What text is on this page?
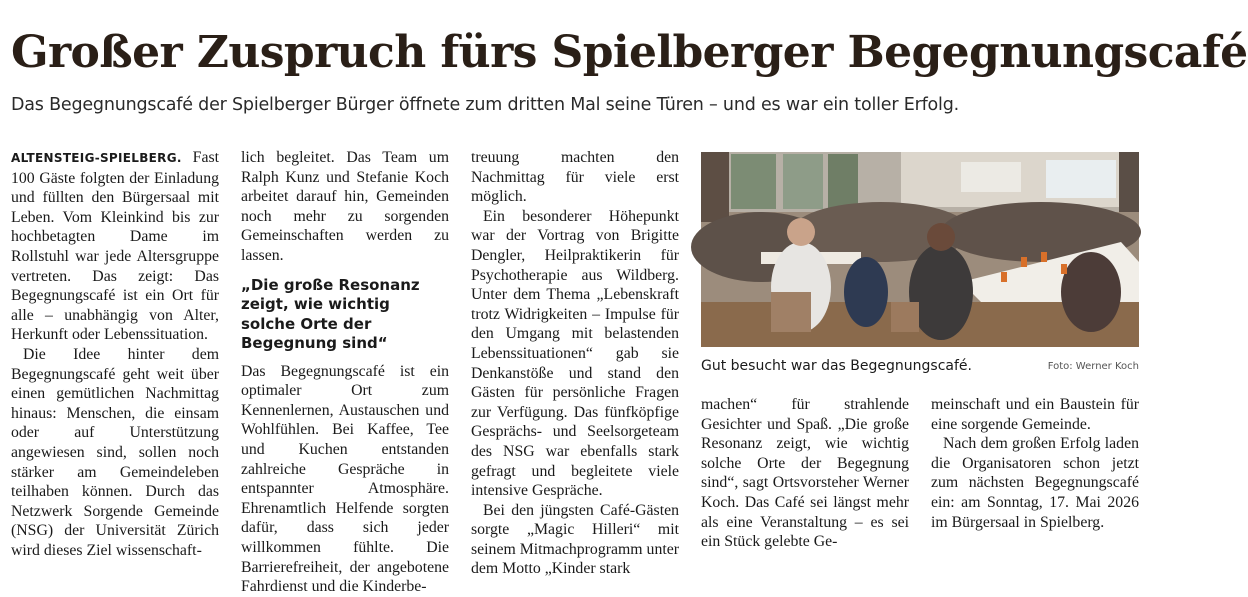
Großer Zuspruch fürs Spielberger Begegnungscafé
Das Begegnungscafé der Spielberger Bürger öffnete zum dritten Mal seine Türen – und es war ein toller Erfolg.

ALTENSTEIG-SPIELBERG. Fast 100 Gäste folgten der Einladung und füllten den Bürgersaal mit Leben. Vom Kleinkind bis zur hochbetagten Dame im Rollstuhl war jede Altersgruppe vertreten. Das zeigt: Das Begegnungscafé ist ein Ort für alle – unabhängig von Alter, Herkunft oder Lebenssituation.

Die Idee hinter dem Begegnungscafé geht weit über einen gemütlichen Nachmittag hinaus: Menschen, die einsam oder auf Unterstützung angewiesen sind, sollen noch stärker am Gemeindeleben teilhaben können. Durch das Netzwerk Sorgende Gemeinde (NSG) der Universität Zürich wird dieses Ziel wissenschaft-

lich begleitet. Das Team um Ralph Kunz und Stefanie Koch arbeitet darauf hin, Gemeinden noch mehr zu sorgenden Gemeinschaften werden zu lassen.

„Die große Resonanz zeigt, wie wichtig solche Orte der Begegnung sind“

Das Begegnungscafé ist ein optimaler Ort zum Kennenlernen, Austauschen und Wohlfühlen. Bei Kaffee, Tee und Kuchen entstanden zahlreiche Gespräche in entspannter Atmosphäre. Ehrenamtlich Helfende sorgten dafür, dass sich jeder willkommen fühlte. Die Barrierefreiheit, der angebotene Fahrdienst und die Kinderbe-

treuung machten den Nachmittag für viele erst möglich.

Ein besonderer Höhepunkt war der Vortrag von Brigitte Dengler, Heilpraktikerin für Psychotherapie aus Wildberg. Unter dem Thema „Lebenskraft trotz Widrigkeiten – Impulse für den Umgang mit belastenden Lebenssituationen“ gab sie Denkanstöße und stand den Gästen für persönliche Fragen zur Verfügung. Das fünfköpfige Gesprächs- und Seelsorgeteam des NSG war ebenfalls stark gefragt und begleitete viele intensive Gespräche.

Bei den jüngsten Café-Gästen sorgte „Magic Hilleri“ mit seinem Mitmachprogramm unter dem Motto „Kinder stark

Gut besucht war das Begegnungscafé.	Foto: Werner Koch

machen“ für strahlende Gesichter und Spaß. „Die große Resonanz zeigt, wie wichtig solche Orte der Begegnung sind“, sagt Ortsvorsteher Werner Koch. Das Café sei längst mehr als eine Veranstaltung – es sei ein Stück gelebte Ge-

meinschaft und ein Baustein für eine sorgende Gemeinde.

Nach dem großen Erfolg laden die Organisatoren schon jetzt zum nächsten Begegnungscafé ein: am Sonntag, 17. Mai 2026 im Bürgersaal in Spielberg.
